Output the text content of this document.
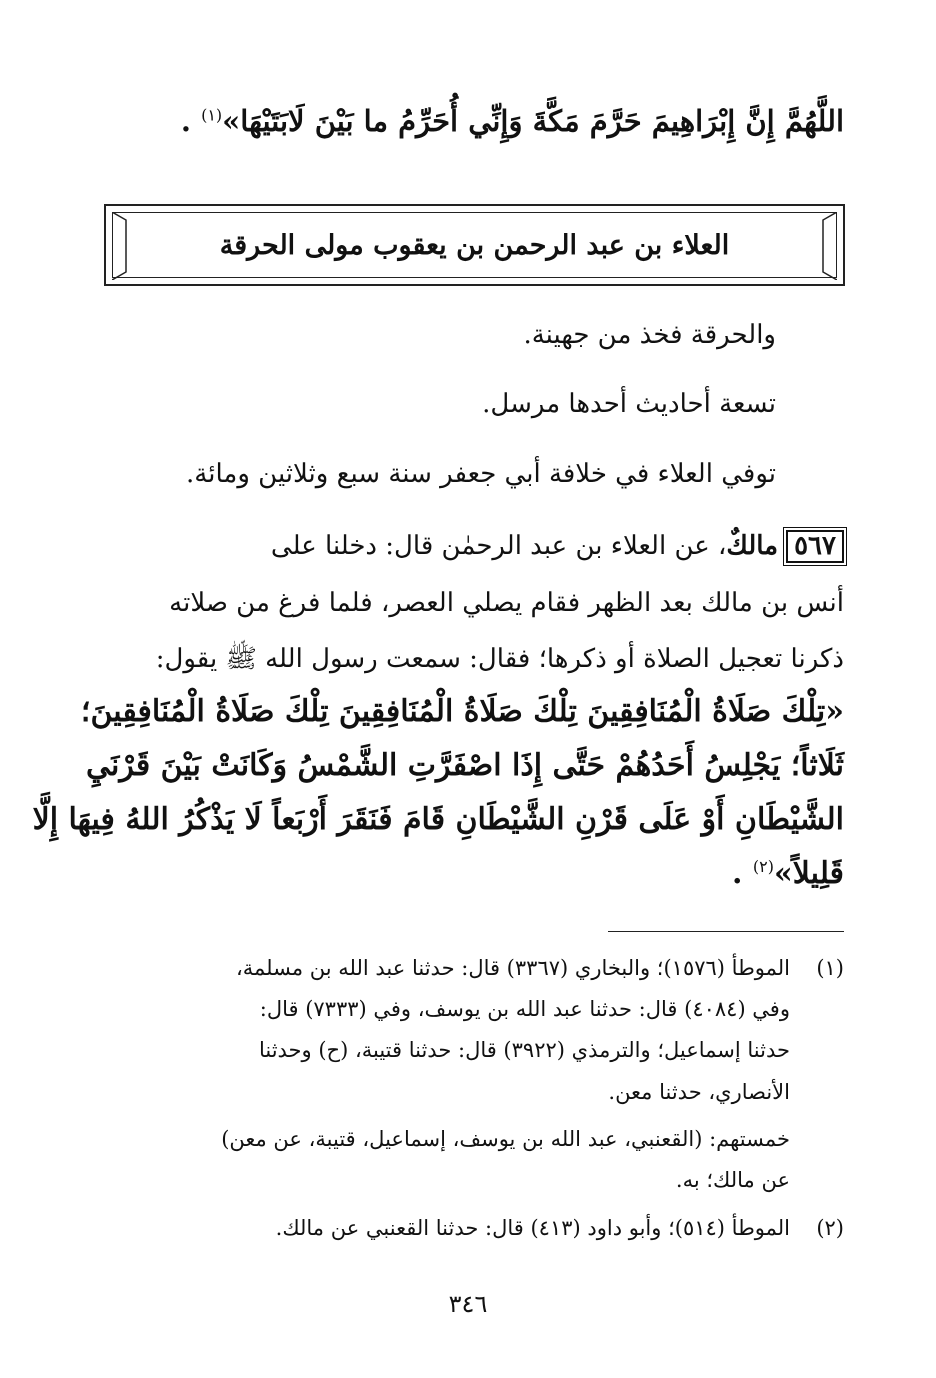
اللَّهُمَّ إِنَّ إِبْرَاهِيمَ حَرَّمَ مَكَّةَ وَإِنِّي أُحَرِّمُ ما بَيْنَ لَابَتَيْهَا»$^{(١)}$ .
العلاء بن عبد الرحمن بن يعقوب مولى الحرقة
والحرقة فخذ من جهينة.
تسعة أحاديث أحدها مرسل.
توفي العلاء في خلافة أبي جعفر سنة سبع وثلاثين ومائة.
٥٦٧مالكٌ، عن العلاء بن عبد الرحمٰن قال: دخلنا على
أنس بن مالك بعد الظهر فقام يصلي العصر، فلما فرغ من صلاته
ذكرنا تعجيل الصلاة أو ذكرها؛ فقال: سمعت رسول الله ﷺ يقول:
«تِلْكَ صَلَاةُ الْمُنَافِقِينَ تِلْكَ صَلَاةُ الْمُنَافِقِينَ تِلْكَ صَلَاةُ الْمُنَافِقِينَ؛
ثَلَاثاً؛ يَجْلِسُ أَحَدُهُمْ حَتَّى إِذَا اصْفَرَّتِ الشَّمْسُ وَكَانَتْ بَيْنَ قَرْنَيِ
الشَّيْطَانِ أَوْ عَلَى قَرْنِ الشَّيْطَانِ قَامَ فَنَقَرَ أَرْبَعاً لَا يَذْكُرُ اللهُ فِيهَا إِلَّا
قَلِيلاً»$^{(٢)}$ .
(١)الموطأ (١٥٧٦)؛ والبخاري (٣٣٦٧) قال: حدثنا عبد الله بن مسلمة،
وفي (٤٠٨٤) قال: حدثنا عبد الله بن يوسف، وفي (٧٣٣٣) قال:
حدثنا إسماعيل؛ والترمذي (٣٩٢٢) قال: حدثنا قتيبة، (ح) وحدثنا
الأنصاري، حدثنا معن.
خمستهم: (القعنبي، عبد الله بن يوسف، إسماعيل، قتيبة، عن معن)
عن مالك؛ به.
(٢)الموطأ (٥١٤)؛ وأبو داود (٤١٣) قال: حدثنا القعنبي عن مالك.
٣٤٦
